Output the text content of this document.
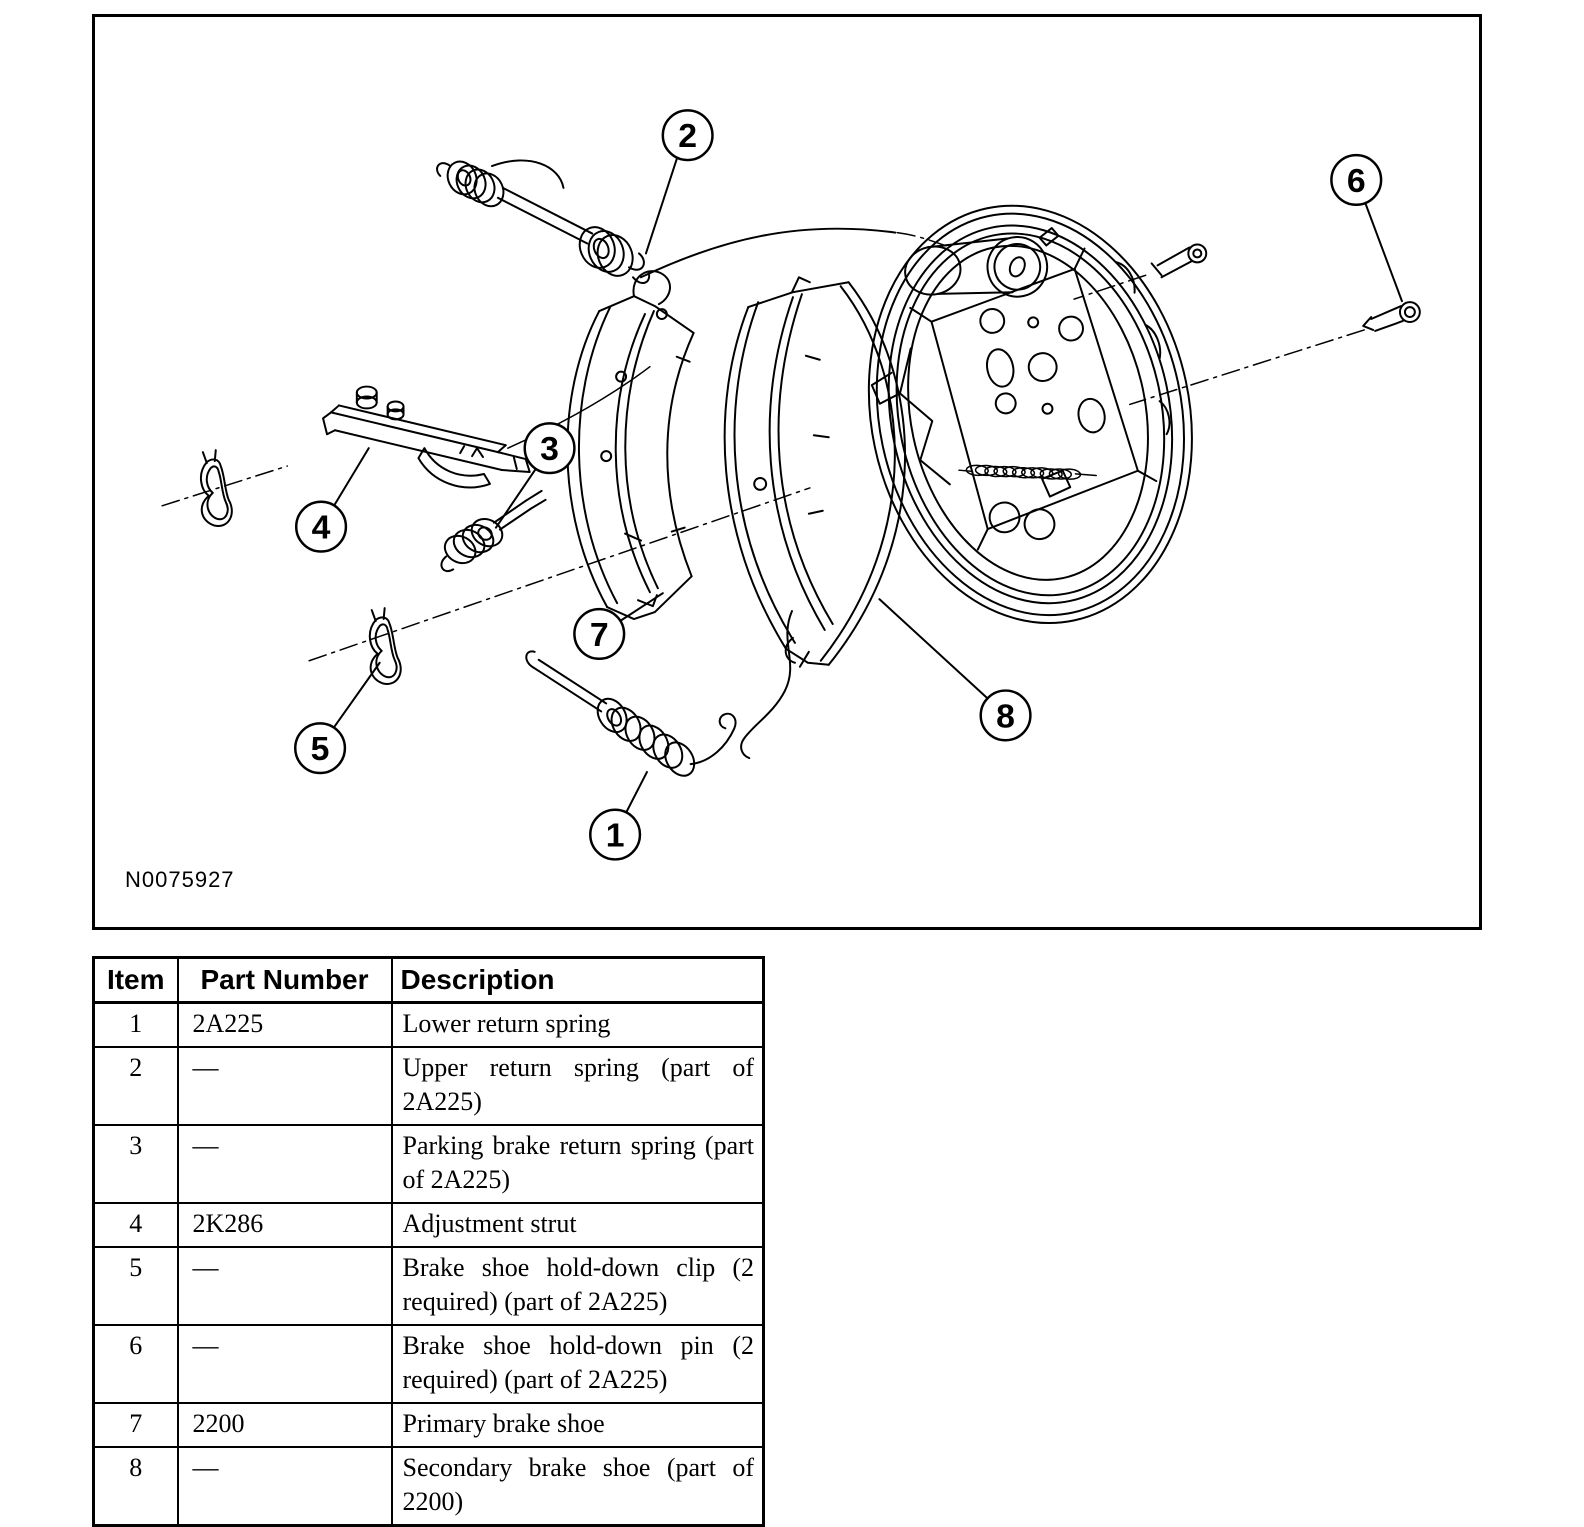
1
2
3
4
5
6
7
8
N0075927
Item	Part Number	Description
1	2A225	Lower return spring
2	—	Upper return spring (part of 2A225)
3	—	Parking brake return spring (part of 2A225)
4	2K286	Adjustment strut
5	—	Brake shoe hold-down clip (2 required) (part of 2A225)
6	—	Brake shoe hold-down pin (2 required) (part of 2A225)
7	2200	Primary brake shoe
8	—	Secondary brake shoe (part of 2200)
